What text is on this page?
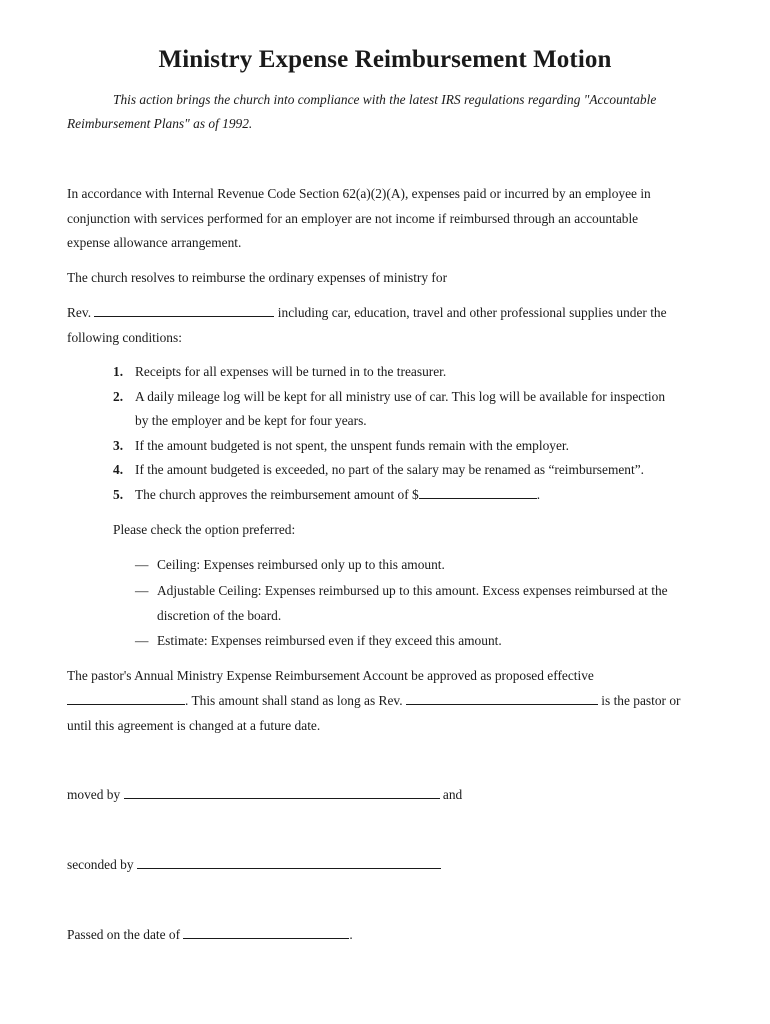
Ministry Expense Reimbursement Motion
This action brings the church into compliance with the latest IRS regulations regarding "Accountable
Reimbursement Plans" as of 1992.
In accordance with Internal Revenue Code Section 62(a)(2)(A), expenses paid or incurred by an employee in
conjunction with services performed for an employer are not income if reimbursed through an accountable
expense allowance arrangement.
The church resolves to reimburse the ordinary expenses of ministry for
Rev.	including car, education, travel and other professional supplies under the
following conditions:
1. Receipts for all expenses will be turned in to the treasurer.
2. A daily mileage log will be kept for all ministry use of car. This log will be available for inspection
by the employer and be kept for four years.
3. If the amount budgeted is not spent, the unspent funds remain with the employer.
4. If the amount budgeted is exceeded, no part of the salary may be renamed as “reimbursement”.
5. The church approves the reimbursement amount of $	.
Please check the option preferred:
— Ceiling: Expenses reimbursed only up to this amount.
— Adjustable Ceiling: Expenses reimbursed up to this amount. Excess expenses reimbursed at the
discretion of the board.
— Estimate: Expenses reimbursed even if they exceed this amount.
The pastor's Annual Ministry Expense Reimbursement Account be approved as proposed effective
. This amount shall stand as long as Rev.	is the pastor or
until this agreement is changed at a future date.
moved by	and
seconded by
Passed on the date of	.
